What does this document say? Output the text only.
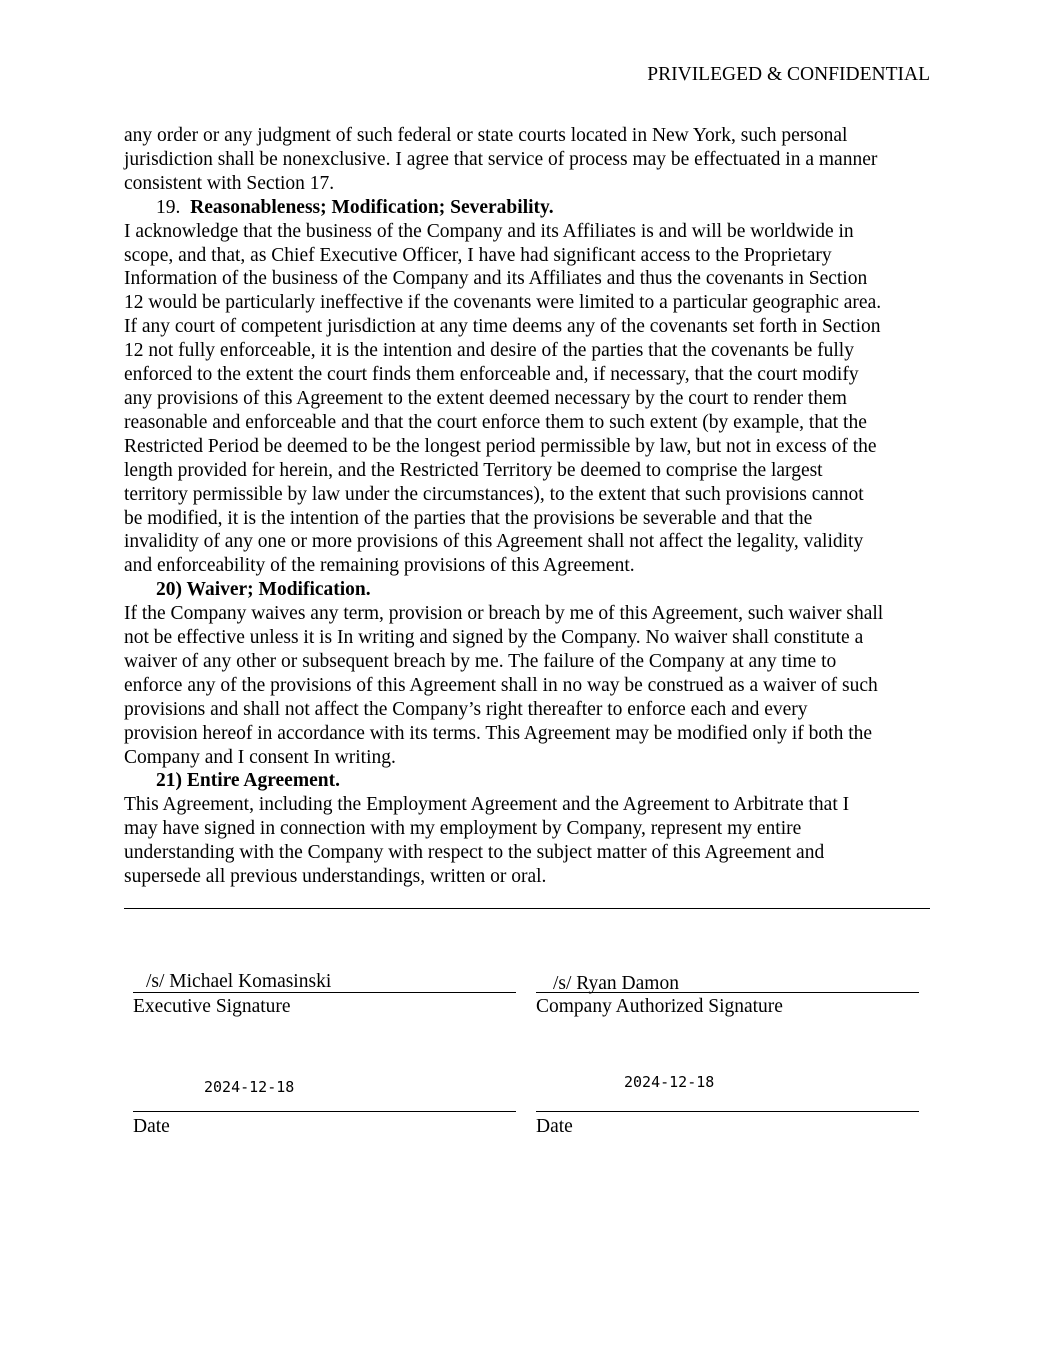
PRIVILEGED & CONFIDENTIAL

any order or any judgment of such federal or state courts located in New York, such personal
jurisdiction shall be nonexclusive. I agree that service of process may be effectuated in a manner
consistent with Section 17.

19. Reasonableness; Modification; Severability.

I acknowledge that the business of the Company and its Affiliates is and will be worldwide in
scope, and that, as Chief Executive Officer, I have had significant access to the Proprietary
Information of the business of the Company and its Affiliates and thus the covenants in Section
12 would be particularly ineffective if the covenants were limited to a particular geographic area.
If any court of competent jurisdiction at any time deems any of the covenants set forth in Section
12 not fully enforceable, it is the intention and desire of the parties that the covenants be fully
enforced to the extent the court finds them enforceable and, if necessary, that the court modify
any provisions of this Agreement to the extent deemed necessary by the court to render them
reasonable and enforceable and that the court enforce them to such extent (by example, that the
Restricted Period be deemed to be the longest period permissible by law, but not in excess of the
length provided for herein, and the Restricted Territory be deemed to comprise the largest
territory permissible by law under the circumstances), to the extent that such provisions cannot
be modified, it is the intention of the parties that the provisions be severable and that the
invalidity of any one or more provisions of this Agreement shall not affect the legality, validity
and enforceability of the remaining provisions of this Agreement.

20) Waiver; Modification.

If the Company waives any term, provision or breach by me of this Agreement, such waiver shall
not be effective unless it is In writing and signed by the Company. No waiver shall constitute a
waiver of any other or subsequent breach by me. The failure of the Company at any time to
enforce any of the provisions of this Agreement shall in no way be construed as a waiver of such
provisions and shall not affect the Company’s right thereafter to enforce each and every
provision hereof in accordance with its terms. This Agreement may be modified only if both the
Company and I consent In writing.

21) Entire Agreement.

This Agreement, including the Employment Agreement and the Agreement to Arbitrate that I
may have signed in connection with my employment by Company, represent my entire
understanding with the Company with respect to the subject matter of this Agreement and
supersede all previous understandings, written or oral.

/s/ Michael Komasinski
Executive Signature
2024-12-18
Date
/s/ Ryan Damon
Company Authorized Signature
2024-12-18
Date
